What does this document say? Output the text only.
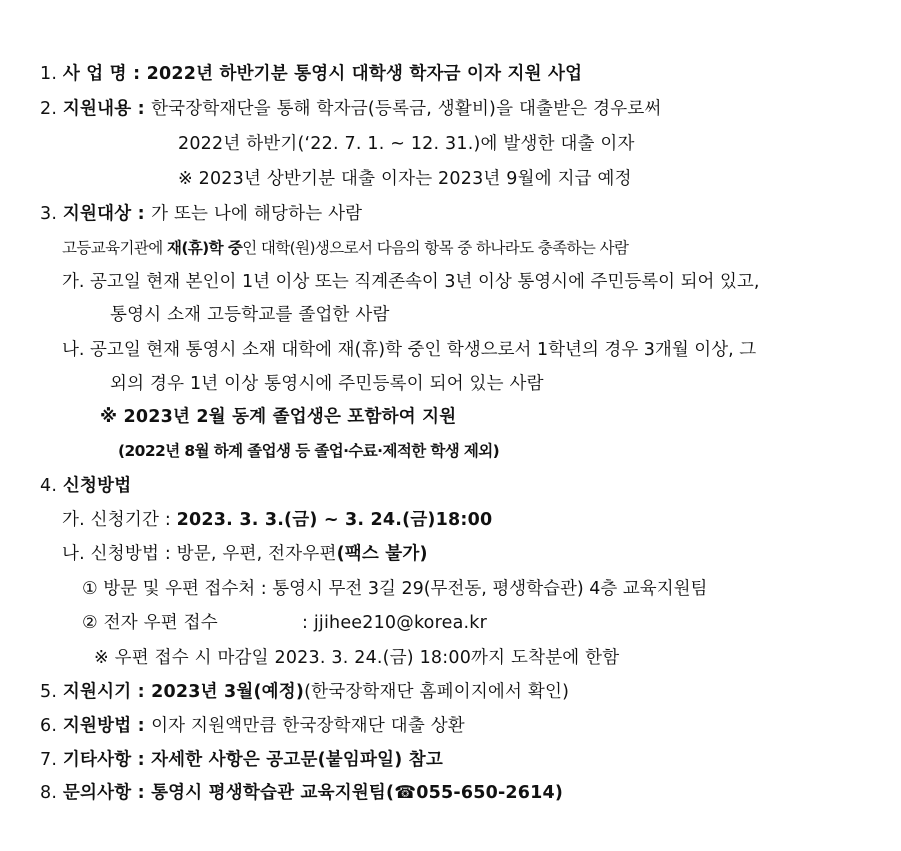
1. 사 업 명 : 2022년 하반기분 통영시 대학생 학자금 이자 지원 사업
2. 지원내용 : 한국장학재단을 통해 학자금(등록금, 생활비)을 대출받은 경우로써
2022년 하반기(‘22. 7. 1. ~ 12. 31.)에 발생한 대출 이자
※ 2023년 상반기분 대출 이자는 2023년 9월에 지급 예정
3. 지원대상 : 가 또는 나에 해당하는 사람
고등교육기관에 재(휴)학 중인 대학(원)생으로서 다음의 항목 중 하나라도 충족하는 사람
가. 공고일 현재 본인이 1년 이상 또는 직계존속이 3년 이상 통영시에 주민등록이 되어 있고,
통영시 소재 고등학교를 졸업한 사람
나. 공고일 현재 통영시 소재 대학에 재(휴)학 중인 학생으로서 1학년의 경우 3개월 이상, 그
외의 경우 1년 이상 통영시에 주민등록이 되어 있는 사람
※ 2023년 2월 동계 졸업생은 포함하여 지원
(2022년 8월 하계 졸업생 등 졸업·수료·제적한 학생 제외)
4. 신청방법
가. 신청기간 : 2023. 3. 3.(금) ~ 3. 24.(금)18:00
나. 신청방법 : 방문, 우편, 전자우편(팩스 불가)
① 방문 및 우편 접수처 : 통영시 무전 3길 29(무전동, 평생학습관) 4층 교육지원팀
② 전자 우편 접수	: jjihee210@korea.kr
※ 우편 접수 시 마감일 2023. 3. 24.(금) 18:00까지 도착분에 한함
5. 지원시기 : 2023년 3월(예정)(한국장학재단 홈페이지에서 확인)
6. 지원방법 : 이자 지원액만큼 한국장학재단 대출 상환
7. 기타사항 : 자세한 사항은 공고문(붙임파일) 참고
8. 문의사항 : 통영시 평생학습관 교육지원팀(☎055-650-2614)
